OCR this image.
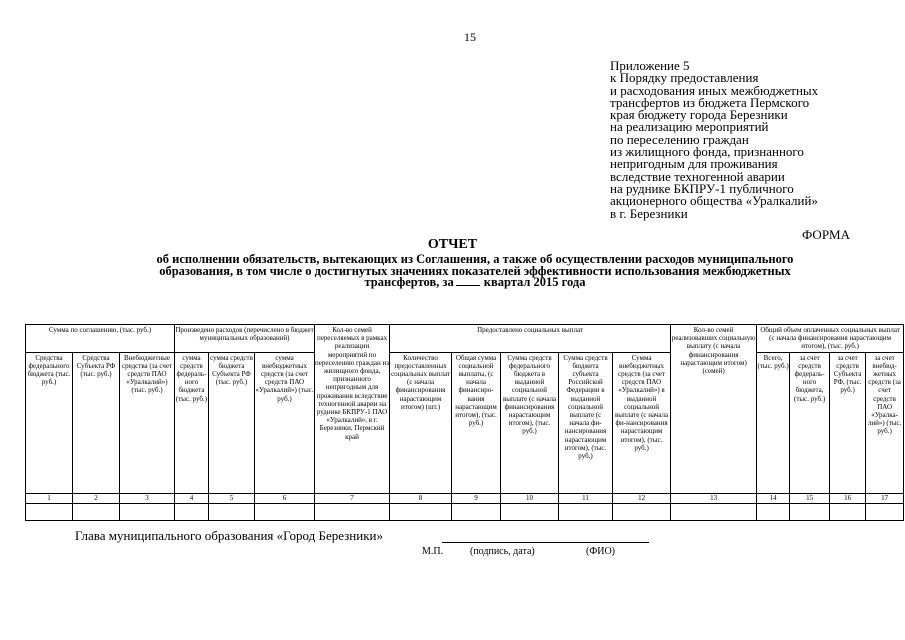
15
Приложение 5
к Порядку предоставления
и расходования иных межбюджетных
трансфертов из бюджета Пермского
края бюджету города Березники
на реализацию мероприятий
по переселению граждан
из жилищного фонда, признанного
непригодным для проживания
вследствие техногенной аварии
на руднике БКПРУ-1 публичного
акционерного общества «Уралкалий»
в г. Березники
ФОРМА
ОТЧЕТ
об исполнении обязательств, вытекающих из Соглашения, а также об осуществлении расходов муниципального образования, в том числе о достигнутых значениях показателей эффективности использования межбюджетных трансфертов, за квартал 2015 года
Сумма по соглашению, (тыс. руб.)			Произведено расходов (перечислено в бюджет муниципальных образований)			Кол-во семей переселяемых в рамках реализации мероприятий по переселению граждан из жилищного фонда, признанного непригодным для проживания вследствие техногенной аварии на руднике БКПРУ-1 ПАО «Уралкалий», в г. Березники, Пермский край	Предоставлено социальных выплат					Кол-во семей реализовавших социальную выплату (с начала финансирования нарастающим итогом) (семей)	Общий объем оплаченных социальных выплат (с начала финансирования нарастающим итогом), (тыс. руб.)			
Средства федерального бюджета (тыс. руб.)	Средства Субъекта РФ (тыс. руб.)	Внебюджетные средства (за счет средств ПАО «Уралкалий») (тыс. руб.)	сумма средств федераль-ного бюджета (тыс. руб.)	сумма средств бюджета Субъекта РФ (тыс. руб.)	сумма внебюджетных средств (за счет средств ПАО «Уралкалий») (тыс. руб.)		Количество предоставленных социальных выплат (с начала финансирования нарастающим итогом) (шт.)	Общая сумма социальной выплаты, (с начала финансиро-вания нарастающим итогом), (тыс. руб.)	Сумма средств федерального бюджета в выданной социальной выплате (с начала финансирования нарастающим итогом), (тыс. руб.)	Сумма средств бюджета субъекта Российской Федерации в выданной социальной выплате (с начала фи-нансирования нарастающим итогом), (тыс. руб.)	Сумма внебюджетных средств (за счет средств ПАО «Уралкалий») в выданной социальной выплате (с начала фи-нансирования нарастающим итогом), (тыс. руб.)		Всего, (тыс. руб.)	за счет средств федераль-ного бюджета, (тыс. руб.)	за счет средств Субъекта РФ, (тыс. руб.)	за счет внебюд-жетных средств (за счет средств ПАО «Уралка-лий») (тыс. руб.)
1	2	3	4	5	6	7	8	9	10	11	12	13	14	15	16	17

Глава муниципального образования «Город Березники»
М.П.	(подпись, дата)	(ФИО)
